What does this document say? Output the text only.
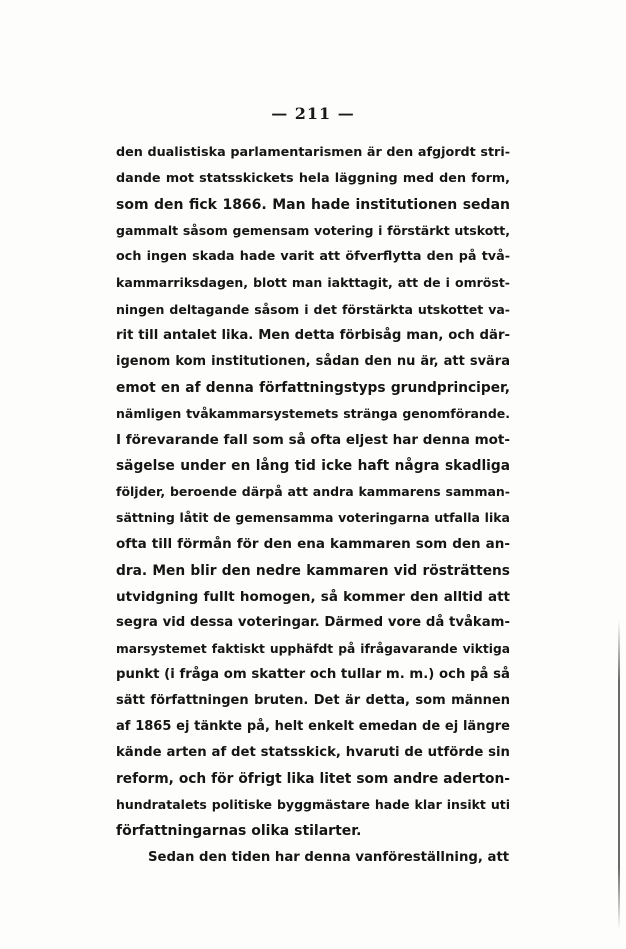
— 211 —
den dualistiska parlamentarismen är den afgjordt stri-
dande mot statsskickets hela läggning med den form,
som den fick 1866. Man hade institutionen sedan
gammalt såsom gemensam votering i förstärkt utskott,
och ingen skada hade varit att öfverflytta den på två-
kammarriksdagen, blott man iakttagit, att de i omröst-
ningen deltagande såsom i det förstärkta utskottet va-
rit till antalet lika. Men detta förbisåg man, och där-
igenom kom institutionen, sådan den nu är, att svära
emot en af denna författningstyps grundprinciper,
nämligen tvåkammarsystemets stränga genomförande.
I förevarande fall som så ofta eljest har denna mot-
sägelse under en lång tid icke haft några skadliga
följder, beroende därpå att andra kammarens samman-
sättning låtit de gemensamma voteringarna utfalla lika
ofta till förmån för den ena kammaren som den an-
dra. Men blir den nedre kammaren vid rösträttens
utvidgning fullt homogen, så kommer den alltid att
segra vid dessa voteringar. Därmed vore då tvåkam-
marsystemet faktiskt upphäfdt på ifrågavarande viktiga
punkt (i fråga om skatter och tullar m. m.) och på så
sätt författningen bruten. Det är detta, som männen
af 1865 ej tänkte på, helt enkelt emedan de ej längre
kände arten af det statsskick, hvaruti de utförde sin
reform, och för öfrigt lika litet som andre aderton-
hundratalets politiske byggmästare hade klar insikt uti
författningarnas olika stilarter.
Sedan den tiden har denna vanföreställning, att
